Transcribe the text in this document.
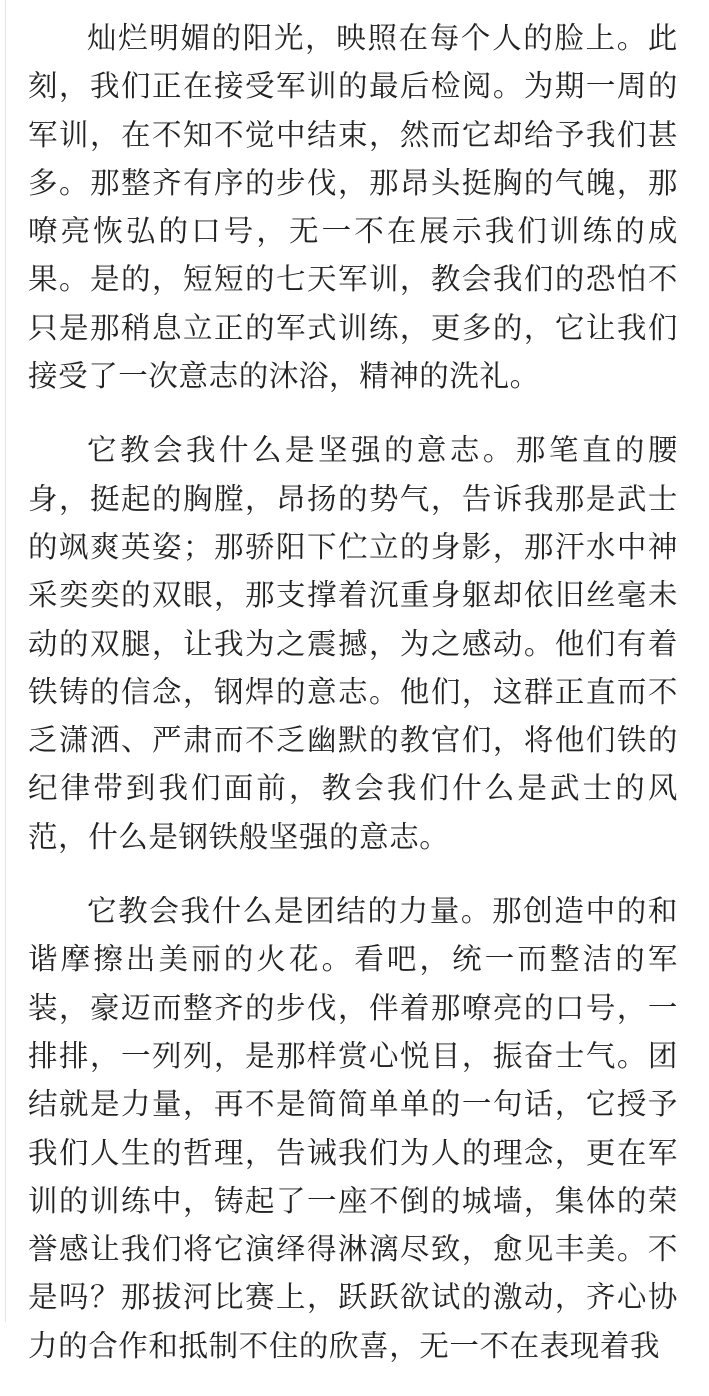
灿烂明媚的阳光，映照在每个人的脸上。此刻，我们正在接受军训的最后检阅。为期一周的军训，在不知不觉中结束，然而它却给予我们甚多。那整齐有序的步伐，那昂头挺胸的气魄，那嘹亮恢弘的口号，无一不在展示我们训练的成果。是的，短短的七天军训，教会我们的恐怕不只是那稍息立正的军式训练，更多的，它让我们接受了一次意志的沐浴，精神的洗礼。

它教会我什么是坚强的意志。那笔直的腰身，挺起的胸膛，昂扬的势气，告诉我那是武士的飒爽英姿；那骄阳下伫立的身影，那汗水中神采奕奕的双眼，那支撑着沉重身躯却依旧丝毫未动的双腿，让我为之震撼，为之感动。他们有着铁铸的信念，钢焊的意志。他们，这群正直而不乏潇洒、严肃而不乏幽默的教官们，将他们铁的纪律带到我们面前，教会我们什么是武士的风范，什么是钢铁般坚强的意志。

它教会我什么是团结的力量。那创造中的和谐摩擦出美丽的火花。看吧，统一而整洁的军装，豪迈而整齐的步伐，伴着那嘹亮的口号，一排排，一列列，是那样赏心悦目，振奋士气。团结就是力量，再不是简简单单的一句话，它授予我们人生的哲理，告诫我们为人的理念，更在军训的训练中，铸起了一座不倒的城墙，集体的荣誉感让我们将它演绎得淋漓尽致，愈见丰美。不是吗？那拔河比赛上，跃跃欲试的激动，齐心协力的合作和抵制不住的欣喜，无一不在表现着我
